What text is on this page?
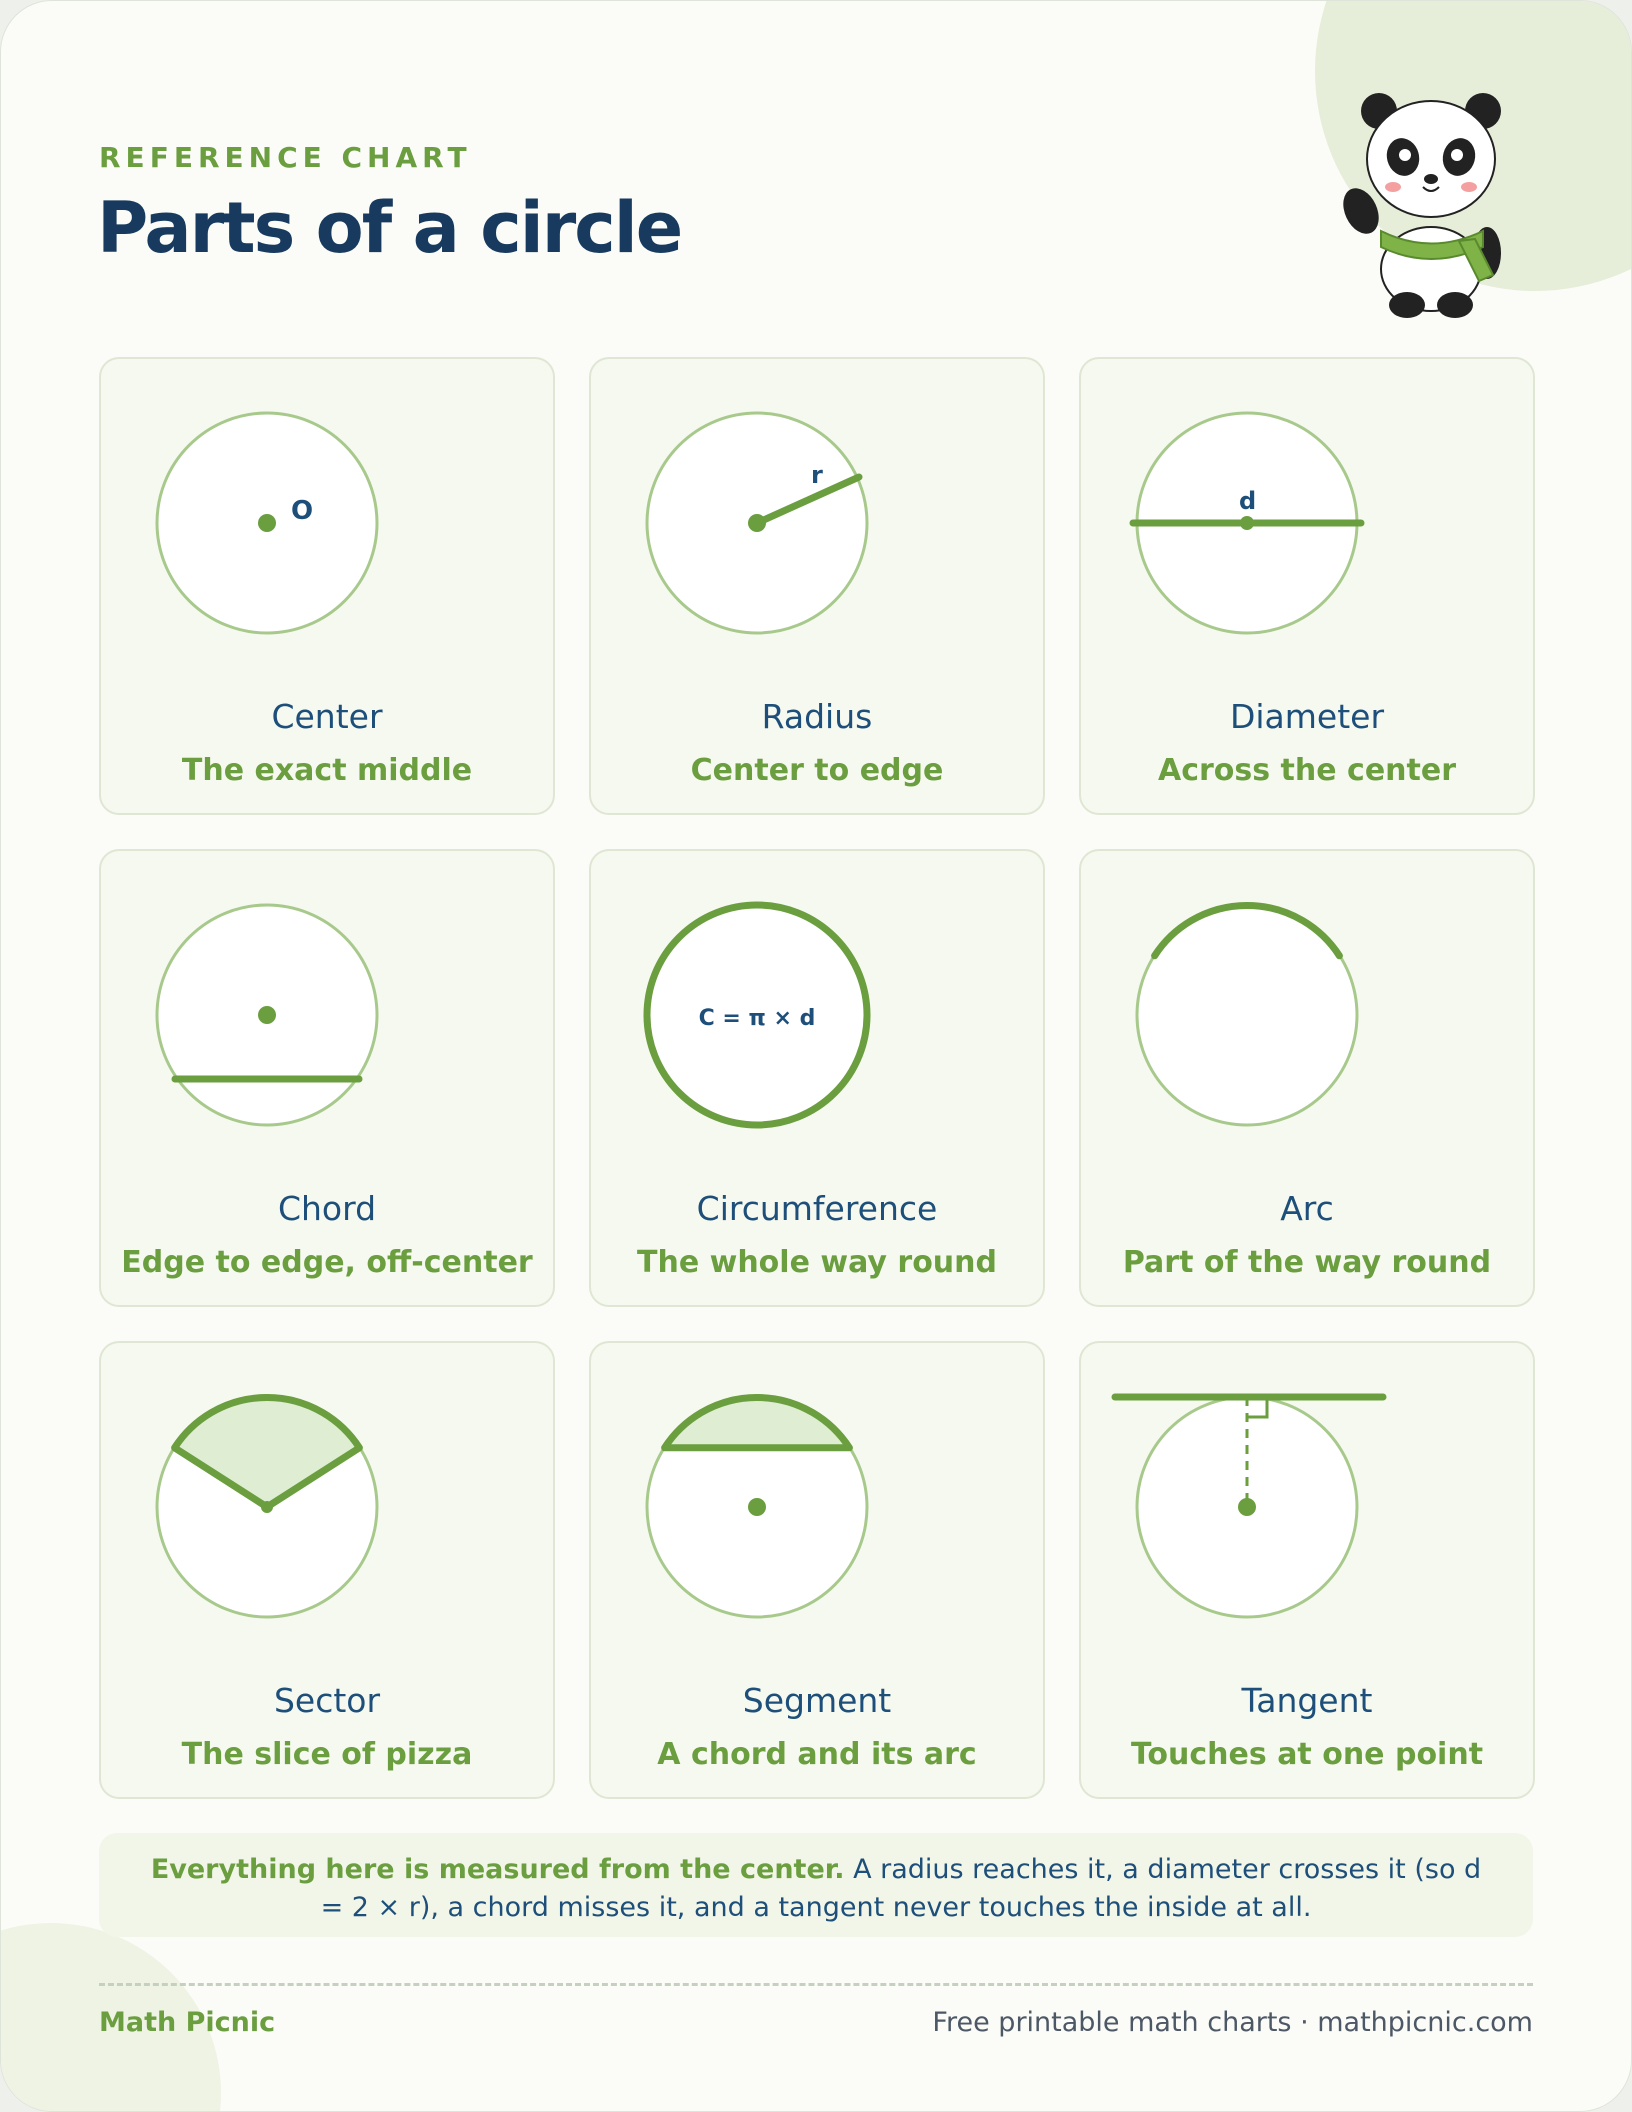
REFERENCE CHART
Parts of a circle
O
Center
The exact middle
r
Radius
Center to edge
d
Diameter
Across the center
Chord
Edge to edge, off-center
C = π × d
Circumference
The whole way round
Arc
Part of the way round
Sector
The slice of pizza
Segment
A chord and its arc
Tangent
Touches at one point
Everything here is measured from the center. A radius reaches it, a diameter crosses it (so d = 2 × r), a chord misses it, and a tangent never touches the inside at all.
Math Picnic	Free printable math charts · mathpicnic.com
